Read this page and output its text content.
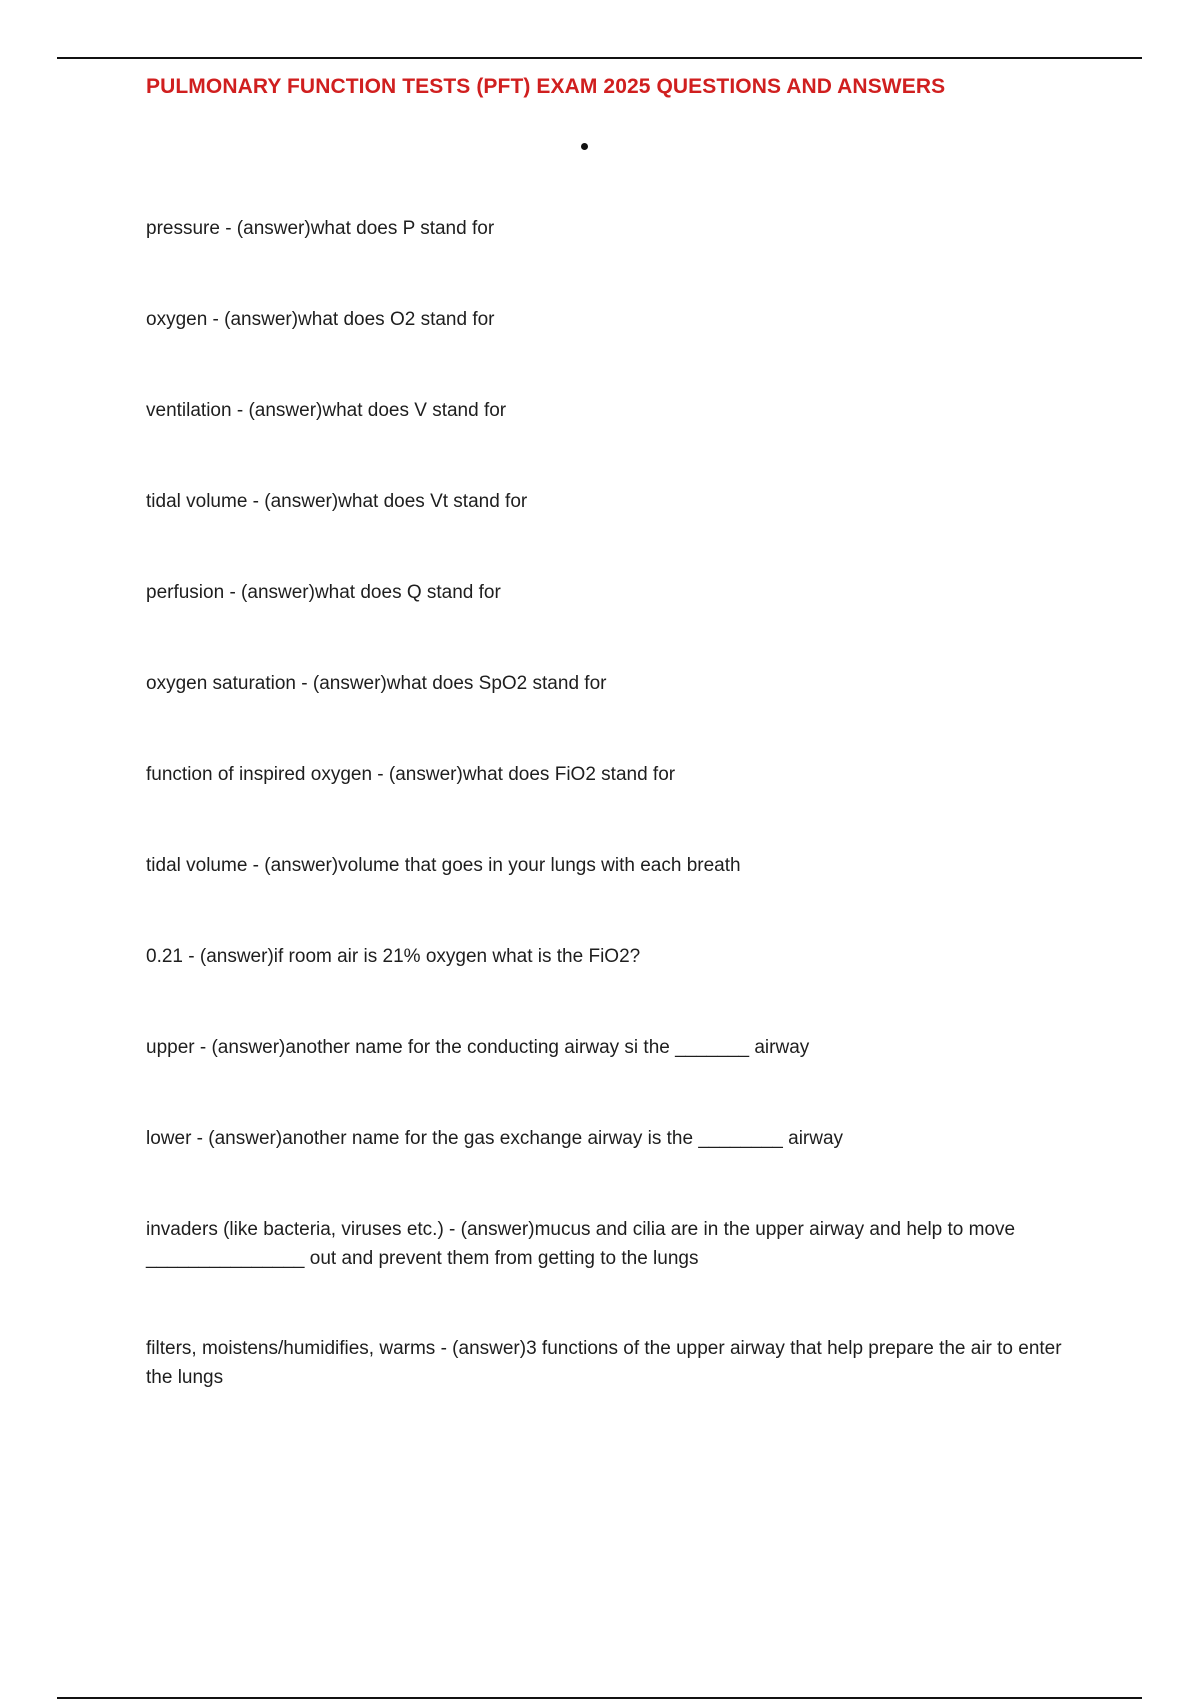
PULMONARY FUNCTION TESTS (PFT) EXAM 2025 QUESTIONS AND ANSWERS
pressure - (answer)what does P stand for
oxygen - (answer)what does O2 stand for
ventilation - (answer)what does V stand for
tidal volume - (answer)what does Vt stand for
perfusion - (answer)what does Q stand for
oxygen saturation - (answer)what does SpO2 stand for
function of inspired oxygen - (answer)what does FiO2 stand for
tidal volume - (answer)volume that goes in your lungs with each breath
0.21 - (answer)if room air is 21% oxygen what is the FiO2?
upper - (answer)another name for the conducting airway si the _______ airway
lower - (answer)another name for the gas exchange airway is the ________ airway
invaders (like bacteria, viruses etc.) - (answer)mucus and cilia are in the upper airway and help to move _______________ out and prevent them from getting to the lungs
filters, moistens/humidifies, warms - (answer)3 functions of the upper airway that help prepare the air to enter the lungs
